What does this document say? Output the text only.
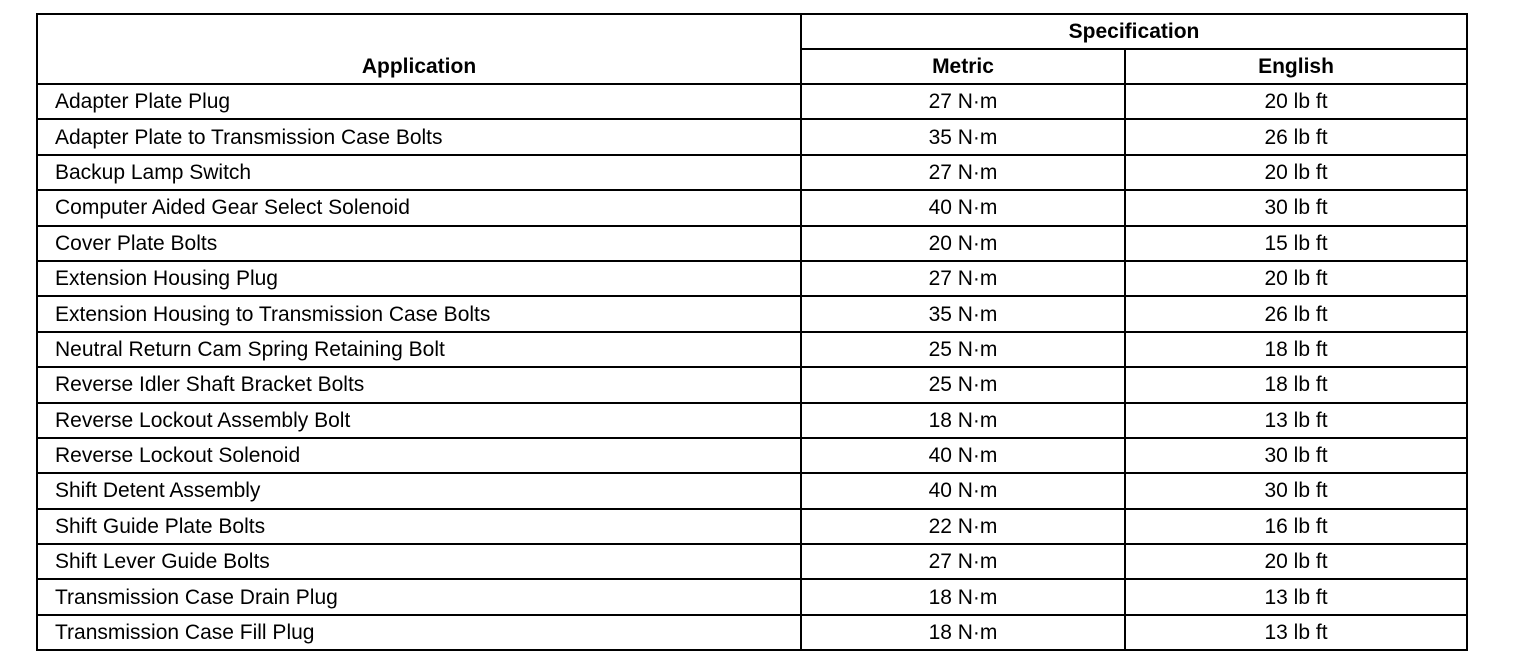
Application	Specification	
	Metric	English
Adapter Plate Plug	27 N·m	20 lb ft
Adapter Plate to Transmission Case Bolts	35 N·m	26 lb ft
Backup Lamp Switch	27 N·m	20 lb ft
Computer Aided Gear Select Solenoid	40 N·m	30 lb ft
Cover Plate Bolts	20 N·m	15 lb ft
Extension Housing Plug	27 N·m	20 lb ft
Extension Housing to Transmission Case Bolts	35 N·m	26 lb ft
Neutral Return Cam Spring Retaining Bolt	25 N·m	18 lb ft
Reverse Idler Shaft Bracket Bolts	25 N·m	18 lb ft
Reverse Lockout Assembly Bolt	18 N·m	13 lb ft
Reverse Lockout Solenoid	40 N·m	30 lb ft
Shift Detent Assembly	40 N·m	30 lb ft
Shift Guide Plate Bolts	22 N·m	16 lb ft
Shift Lever Guide Bolts	27 N·m	20 lb ft
Transmission Case Drain Plug	18 N·m	13 lb ft
Transmission Case Fill Plug	18 N·m	13 lb ft
